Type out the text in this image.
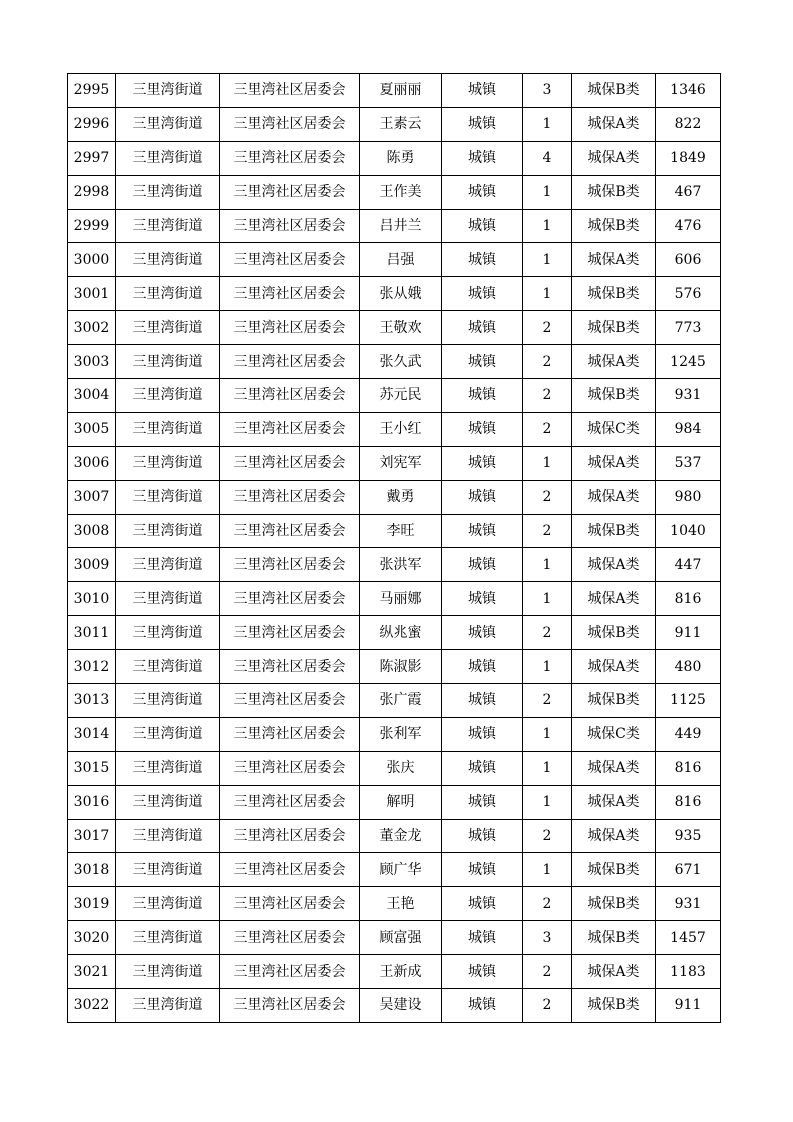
2995	三里湾街道	三里湾社区居委会	夏丽丽	城镇	3	城保B类	1346
2996	三里湾街道	三里湾社区居委会	王素云	城镇	1	城保A类	822
2997	三里湾街道	三里湾社区居委会	陈勇	城镇	4	城保A类	1849
2998	三里湾街道	三里湾社区居委会	王作美	城镇	1	城保B类	467
2999	三里湾街道	三里湾社区居委会	吕井兰	城镇	1	城保B类	476
3000	三里湾街道	三里湾社区居委会	吕强	城镇	1	城保A类	606
3001	三里湾街道	三里湾社区居委会	张从娥	城镇	1	城保B类	576
3002	三里湾街道	三里湾社区居委会	王敬欢	城镇	2	城保B类	773
3003	三里湾街道	三里湾社区居委会	张久武	城镇	2	城保A类	1245
3004	三里湾街道	三里湾社区居委会	苏元民	城镇	2	城保B类	931
3005	三里湾街道	三里湾社区居委会	王小红	城镇	2	城保C类	984
3006	三里湾街道	三里湾社区居委会	刘宪军	城镇	1	城保A类	537
3007	三里湾街道	三里湾社区居委会	戴勇	城镇	2	城保A类	980
3008	三里湾街道	三里湾社区居委会	李旺	城镇	2	城保B类	1040
3009	三里湾街道	三里湾社区居委会	张洪军	城镇	1	城保A类	447
3010	三里湾街道	三里湾社区居委会	马丽娜	城镇	1	城保A类	816
3011	三里湾街道	三里湾社区居委会	纵兆蜜	城镇	2	城保B类	911
3012	三里湾街道	三里湾社区居委会	陈淑影	城镇	1	城保A类	480
3013	三里湾街道	三里湾社区居委会	张广霞	城镇	2	城保B类	1125
3014	三里湾街道	三里湾社区居委会	张利军	城镇	1	城保C类	449
3015	三里湾街道	三里湾社区居委会	张庆	城镇	1	城保A类	816
3016	三里湾街道	三里湾社区居委会	解明	城镇	1	城保A类	816
3017	三里湾街道	三里湾社区居委会	董金龙	城镇	2	城保A类	935
3018	三里湾街道	三里湾社区居委会	顾广华	城镇	1	城保B类	671
3019	三里湾街道	三里湾社区居委会	王艳	城镇	2	城保B类	931
3020	三里湾街道	三里湾社区居委会	顾富强	城镇	3	城保B类	1457
3021	三里湾街道	三里湾社区居委会	王新成	城镇	2	城保A类	1183
3022	三里湾街道	三里湾社区居委会	吴建设	城镇	2	城保B类	911
